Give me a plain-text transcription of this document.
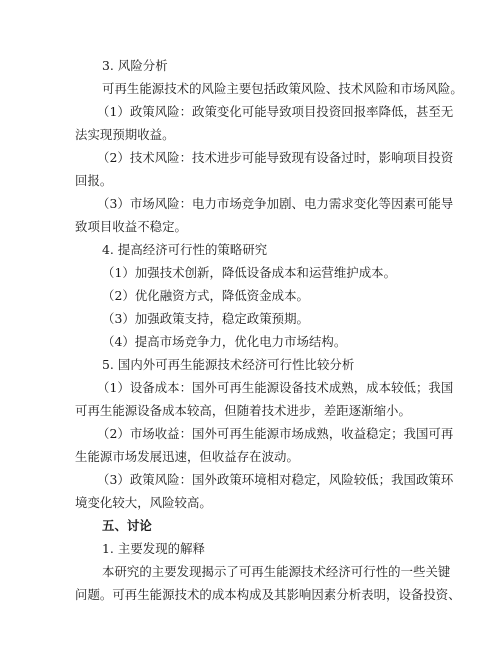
3. 风险分析
可再生能源技术的风险主要包括政策风险、技术风险和市场风险。
（1）政策风险：政策变化可能导致项目投资回报率降低，甚至无
法实现预期收益。
（2）技术风险：技术进步可能导致现有设备过时，影响项目投资
回报。
（3）市场风险：电力市场竞争加剧、电力需求变化等因素可能导
致项目收益不稳定。
4. 提高经济可行性的策略研究
（1）加强技术创新，降低设备成本和运营维护成本。
（2）优化融资方式，降低资金成本。
（3）加强政策支持，稳定政策预期。
（4）提高市场竞争力，优化电力市场结构。
5. 国内外可再生能源技术经济可行性比较分析
（1）设备成本：国外可再生能源设备技术成熟，成本较低；我国
可再生能源设备成本较高，但随着技术进步，差距逐渐缩小。
（2）市场收益：国外可再生能源市场成熟，收益稳定；我国可再
生能源市场发展迅速，但收益存在波动。
（3）政策风险：国外政策环境相对稳定，风险较低；我国政策环
境变化较大，风险较高。
五、讨论
1. 主要发现的解释
本研究的主要发现揭示了可再生能源技术经济可行性的一些关键
问题。可再生能源技术的成本构成及其影响因素分析表明，设备投资、
